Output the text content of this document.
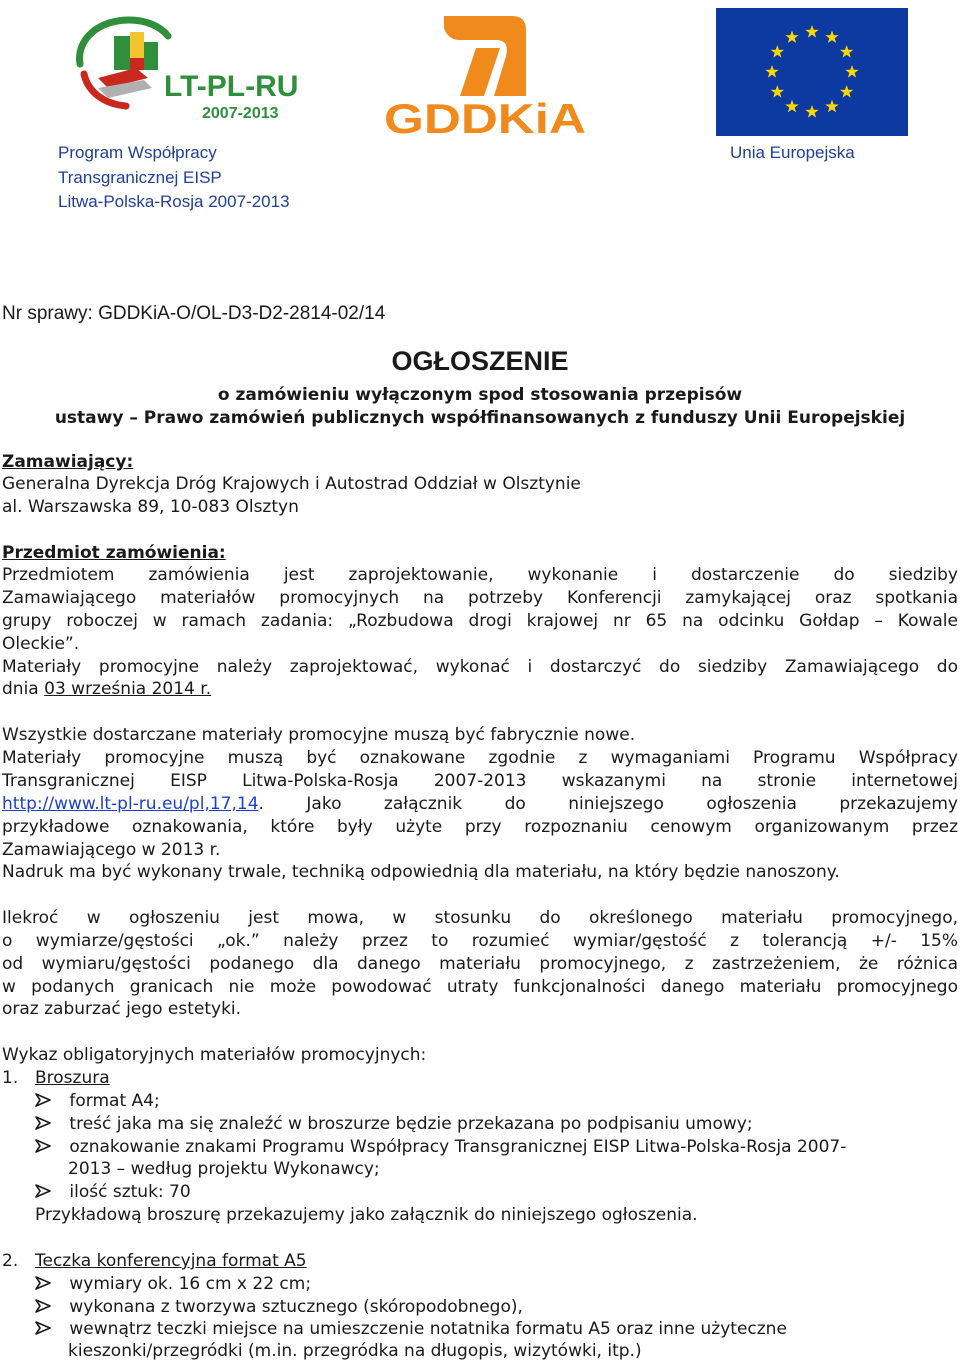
LT-PL-RU
2007-2013	GDDKiA
Program Współpracy
Transgranicznej EISP
Litwa-Polska-Rosja 2007-2013
Unia Europejska
Nr sprawy: GDDKiA-O/OL-D3-D2-2814-02/14
OGŁOSZENIE
o zamówieniu wyłączonym spod stosowania przepisów
ustawy – Prawo zamówień publicznych współfinansowanych z funduszy Unii Europejskiej
Zamawiający:
Generalna Dyrekcja Dróg Krajowych i Autostrad Oddział w Olsztynie
al. Warszawska 89, 10-083 Olsztyn
Przedmiot zamówienia:
Przedmiotem zamówienia jest zaprojektowanie, wykonanie i dostarczenie do siedziby
Zamawiającego materiałów promocyjnych na potrzeby Konferencji zamykającej oraz spotkania
grupy roboczej w ramach zadania: „Rozbudowa drogi krajowej nr 65 na odcinku Gołdap – Kowale
Oleckie”.
Materiały promocyjne należy zaprojektować, wykonać i dostarczyć do siedziby Zamawiającego do
dnia 03 września 2014 r.
Wszystkie dostarczane materiały promocyjne muszą być fabrycznie nowe.
Materiały promocyjne muszą być oznakowane zgodnie z wymaganiami Programu Współpracy
Transgranicznej EISP Litwa-Polska-Rosja 2007-2013 wskazanymi na stronie internetowej
http://www.lt-pl-ru.eu/pl,17,14 . Jako załącznik do niniejszego ogłoszenia przekazujemy
przykładowe oznakowania, które były użyte przy rozpoznaniu cenowym organizowanym przez
Zamawiającego w 2013 r.
Nadruk ma być wykonany trwale, techniką odpowiednią dla materiału, na który będzie nanoszony.
Ilekroć w ogłoszeniu jest mowa, w stosunku do określonego materiału promocyjnego,
o wymiarze/gęstości „ok.” należy przez to rozumieć wymiar/gęstość z tolerancją +/- 15%
od wymiaru/gęstości podanego dla danego materiału promocyjnego, z zastrzeżeniem, że różnica
w podanych granicach nie może powodować utraty funkcjonalności danego materiału promocyjnego
oraz zaburzać jego estetyki.
Wykaz obligatoryjnych materiałów promocyjnych:
1. Broszura
format A4;
treść jaka ma się znaleźć w broszurze będzie przekazana po podpisaniu umowy;
oznakowanie znakami Programu Współpracy Transgranicznej EISP Litwa-Polska-Rosja 2007-
2013 – według projektu Wykonawcy;
ilość sztuk: 70
Przykładową broszurę przekazujemy jako załącznik do niniejszego ogłoszenia.
2. Teczka konferencyjna format A5
wymiary ok. 16 cm x 22 cm;
wykonana z tworzywa sztucznego (skóropodobnego),
wewnątrz teczki miejsce na umieszczenie notatnika formatu A5 oraz inne użyteczne
kieszonki/przegródki (m.in. przegródka na długopis, wizytówki, itp.)
